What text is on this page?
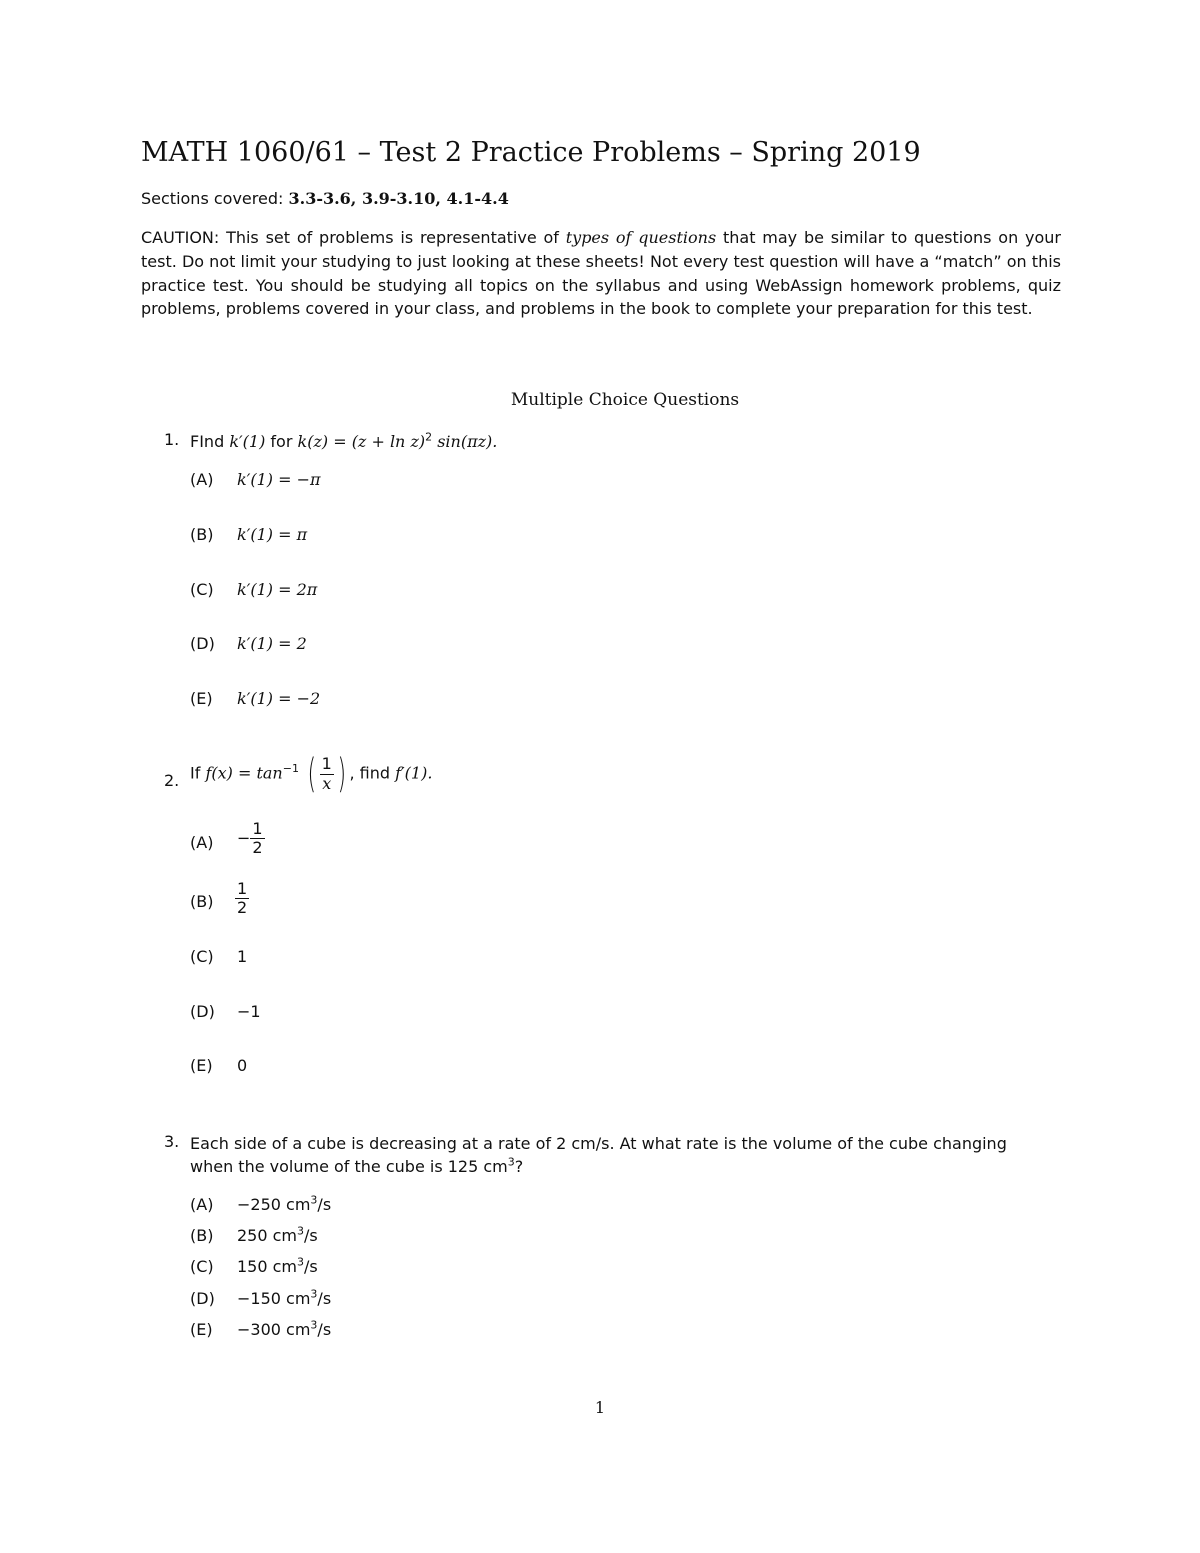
MATH 1060/61 – Test 2 Practice Problems – Spring 2019
Sections covered: 3.3-3.6, 3.9-3.10, 4.1-4.4
CAUTION: This set of problems is representative of types of questions that may be similar to questions on your test. Do not limit your studying to just looking at these sheets! Not every test question will have a “match” on this practice test. You should be studying all topics on the syllabus and using WebAssign homework problems, quiz problems, problems covered in your class, and problems in the book to complete your preparation for this test.
Multiple Choice Questions
1. FInd k′(1) for $k(z) = (z + \ln z)^2$ sin(πz).
(A) k′(1) = −π
(B) k′(1) = π
(C) k′(1) = 2π
(D) k′(1) = 2
(E) k′(1) = −2
2. If $f(x) = \tan^{-1}$ ( $\frac{1}{x}$ ) , find f′(1).
$(A) - \frac{1}{2}$
$(B) \frac{1}{2}$
(C) 1
(D) −1
(E) 0
3. Each side of a cube is decreasing at a rate of 2 cm/s. At what rate is the volume of the cube changing
when the volume of the cube is 125 $cm^3$?
(A) −250 $cm^3/s$
(B) 250 $cm^3/s$
(C) 150 $cm^3/s$
(D) −150 $cm^3/s$
(E) −300 $cm^3/s$
1
